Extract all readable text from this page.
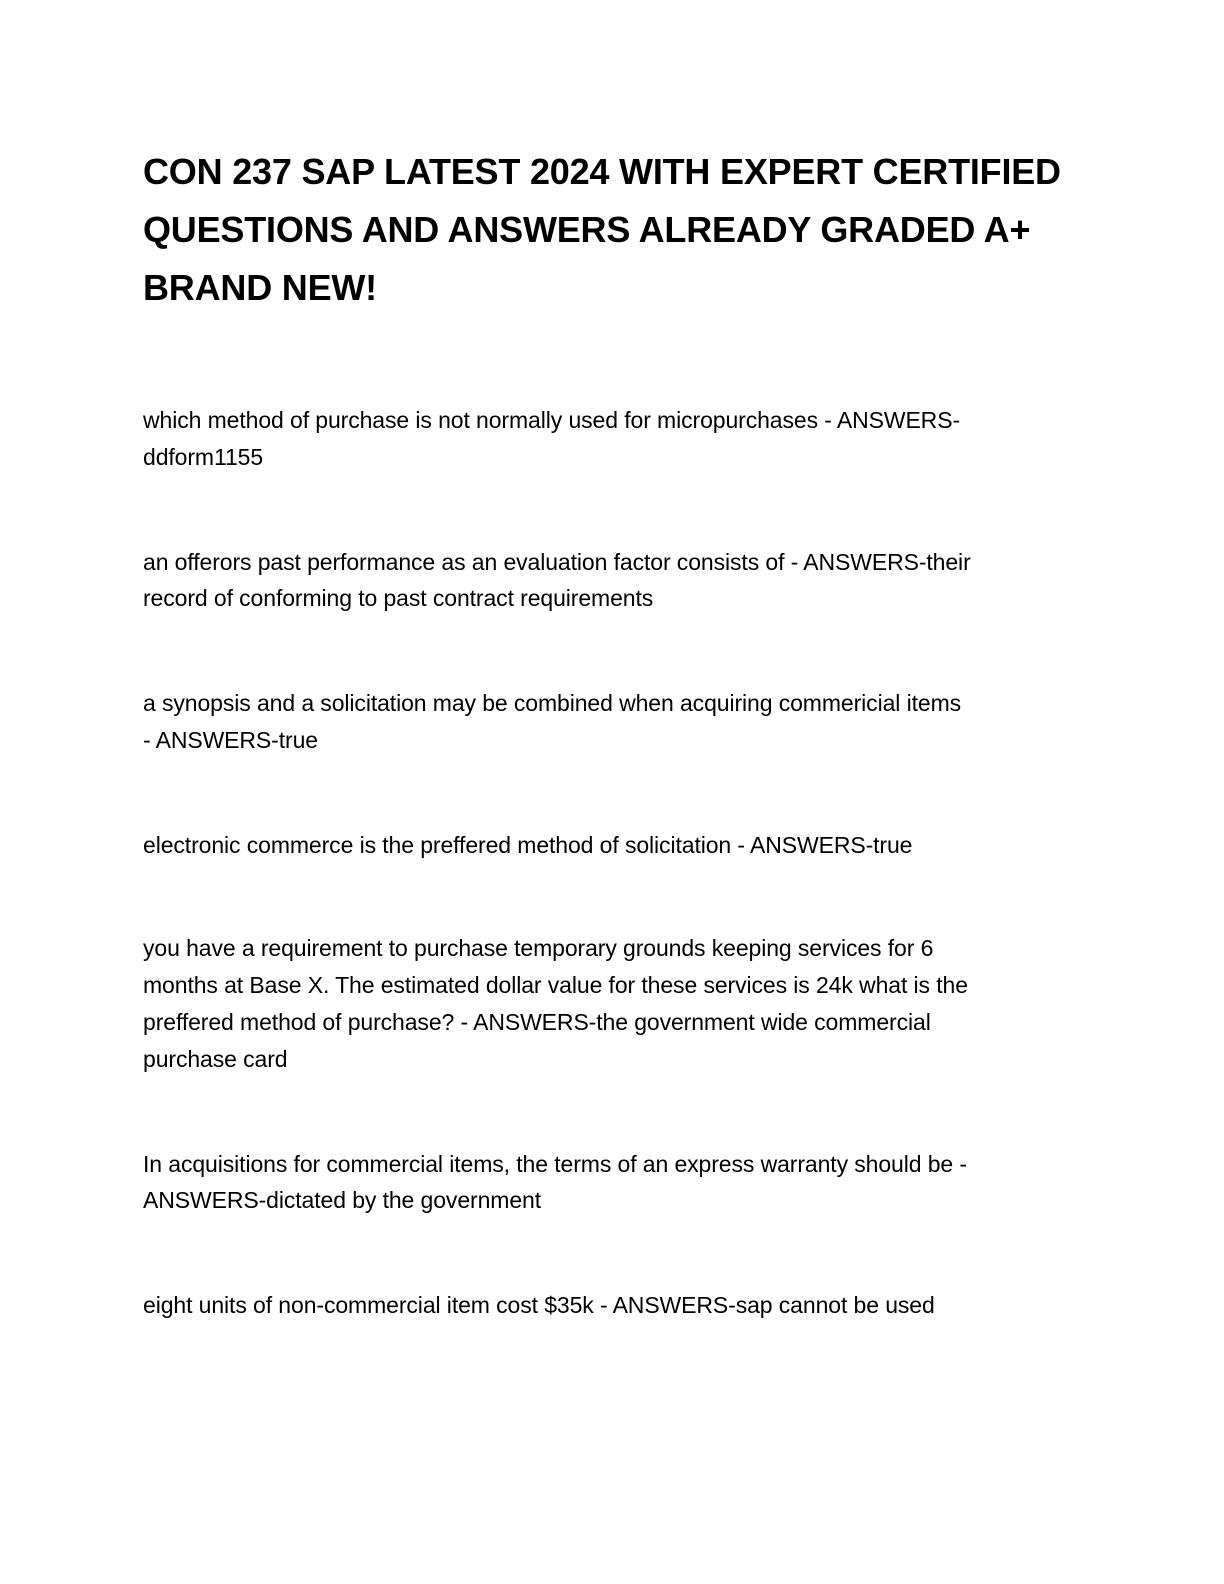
CON 237 SAP LATEST 2024 WITH EXPERT CERTIFIED
QUESTIONS AND ANSWERS ALREADY GRADED A+
BRAND NEW!
which method of purchase is not normally used for micropurchases - ANSWERS-
ddform1155
an offerors past performance as an evaluation factor consists of - ANSWERS-their
record of conforming to past contract requirements
a synopsis and a solicitation may be combined when acquiring commericial items
- ANSWERS-true
electronic commerce is the preffered method of solicitation - ANSWERS-true
you have a requirement to purchase temporary grounds keeping services for 6
months at Base X. The estimated dollar value for these services is 24k what is the
preffered method of purchase? - ANSWERS-the government wide commercial
purchase card
In acquisitions for commercial items, the terms of an express warranty should be -
ANSWERS-dictated by the government
eight units of non-commercial item cost $35k - ANSWERS-sap cannot be used
